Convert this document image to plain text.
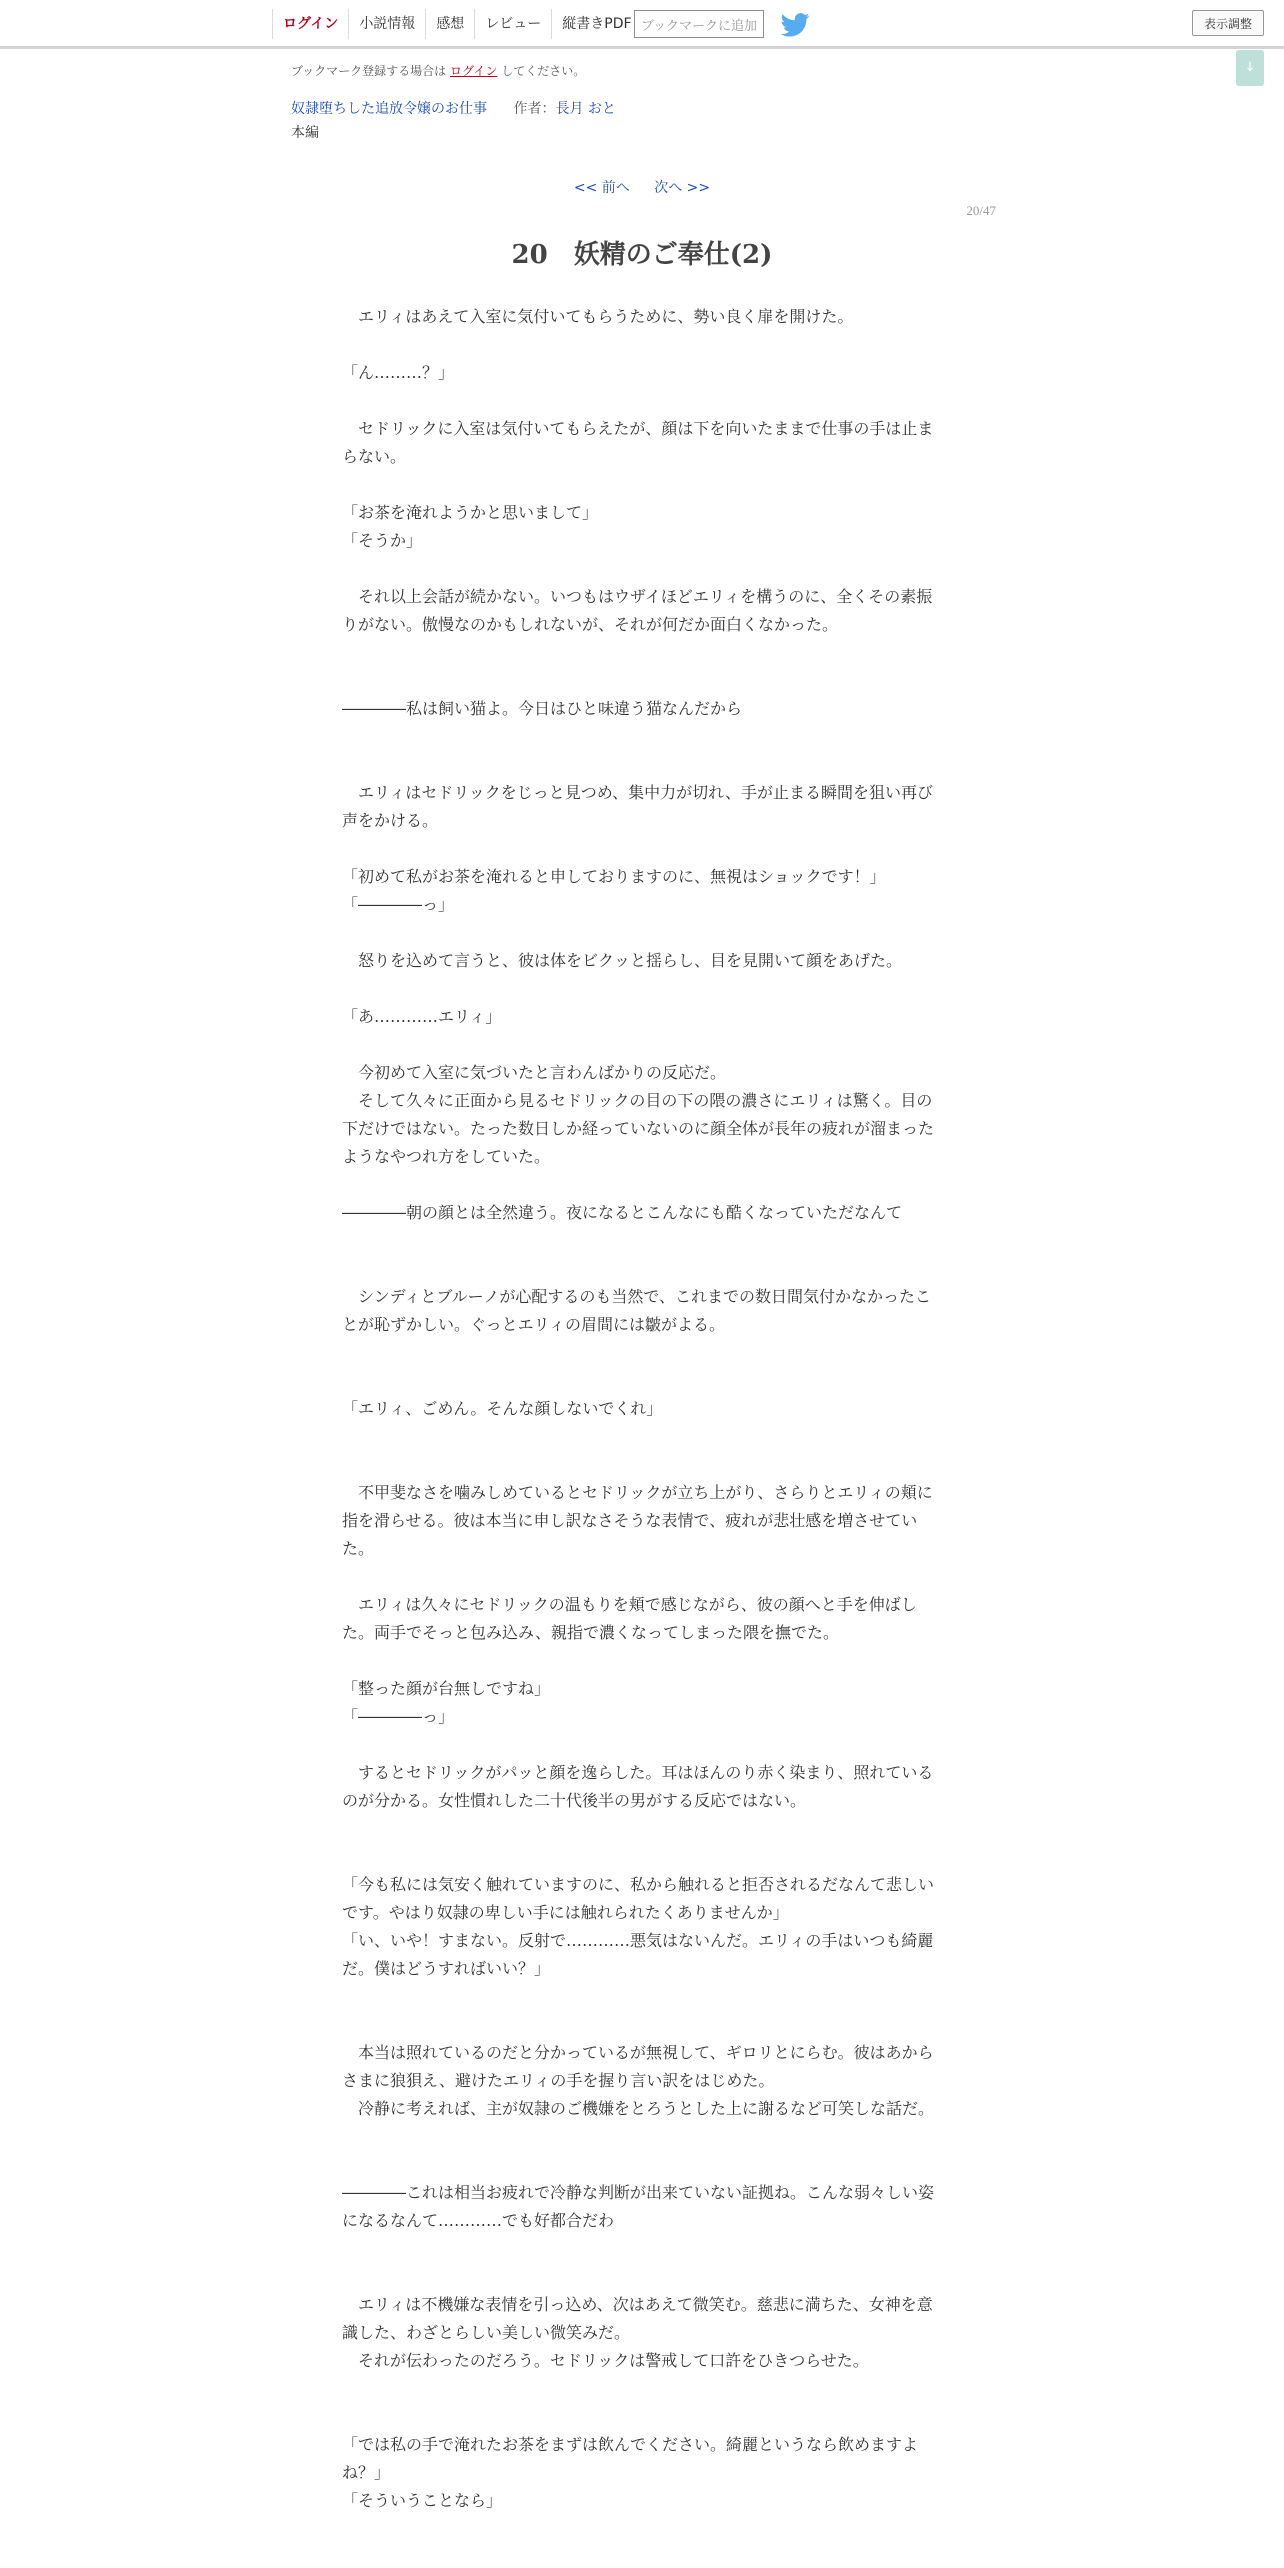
ログイン	小説情報	感想	レビュー	縦書きPDF ブックマークに追加	表示調整
↓
ブックマーク登録する場合は ログイン してください。
奴隷堕ちした追放令嬢のお仕事 作者：長月 おと
本編
<< 前へ 次へ >>
20/47
20　妖精のご奉仕(2)

　エリィはあえて入室に気付いてもらうために、勢い良く扉を開けた。

「ん………？」

　セドリックに入室は気付いてもらえたが、顔は下を向いたままで仕事の手は止ま

らない。

「お茶を淹れようかと思いまして」

「そうか」

　それ以上会話が続かない。いつもはウザイほどエリィを構うのに、全くその素振

りがない。傲慢なのかもしれないが、それが何だか面白くなかった。

――――私は飼い猫よ。今日はひと味違う猫なんだから

　エリィはセドリックをじっと見つめ、集中力が切れ、手が止まる瞬間を狙い再び

声をかける。

「初めて私がお茶を淹れると申しておりますのに、無視はショックです！」

「――――っ」

　怒りを込めて言うと、彼は体をビクッと揺らし、目を見開いて顔をあげた。

「あ…………エリィ」

　今初めて入室に気づいたと言わんばかりの反応だ。

　そして久々に正面から見るセドリックの目の下の隈の濃さにエリィは驚く。目の

下だけではない。たった数日しか経っていないのに顔全体が長年の疲れが溜まった

ようなやつれ方をしていた。

――――朝の顔とは全然違う。夜になるとこんなにも酷くなっていただなんて

　シンディとブルーノが心配するのも当然で、これまでの数日間気付かなかったこ

とが恥ずかしい。ぐっとエリィの眉間には皺がよる。

「エリィ、ごめん。そんな顔しないでくれ」

　不甲斐なさを噛みしめているとセドリックが立ち上がり、さらりとエリィの頬に

指を滑らせる。彼は本当に申し訳なさそうな表情で、疲れが悲壮感を増させてい

た。

　エリィは久々にセドリックの温もりを頬で感じながら、彼の顔へと手を伸ばし

た。両手でそっと包み込み、親指で濃くなってしまった隈を撫でた。

「整った顔が台無しですね」

「――――っ」

　するとセドリックがパッと顔を逸らした。耳はほんのり赤く染まり、照れている

のが分かる。女性慣れした二十代後半の男がする反応ではない。

「今も私には気安く触れていますのに、私から触れると拒否されるだなんて悲しい

です。やはり奴隷の卑しい手には触れられたくありませんか」

「い、いや！すまない。反射で…………悪気はないんだ。エリィの手はいつも綺麗

だ。僕はどうすればいい？」

　本当は照れているのだと分かっているが無視して、ギロリとにらむ。彼はあから

さまに狼狽え、避けたエリィの手を握り言い訳をはじめた。

　冷静に考えれば、主が奴隷のご機嫌をとろうとした上に謝るなど可笑しな話だ。

――――これは相当お疲れで冷静な判断が出来ていない証拠ね。こんな弱々しい姿

になるなんて…………でも好都合だわ

　エリィは不機嫌な表情を引っ込め、次はあえて微笑む。慈悲に満ちた、女神を意

識した、わざとらしい美しい微笑みだ。

　それが伝わったのだろう。セドリックは警戒して口許をひきつらせた。

「では私の手で淹れたお茶をまずは飲んでください。綺麗というなら飲めますよ

ね？」

「そういうことなら」
